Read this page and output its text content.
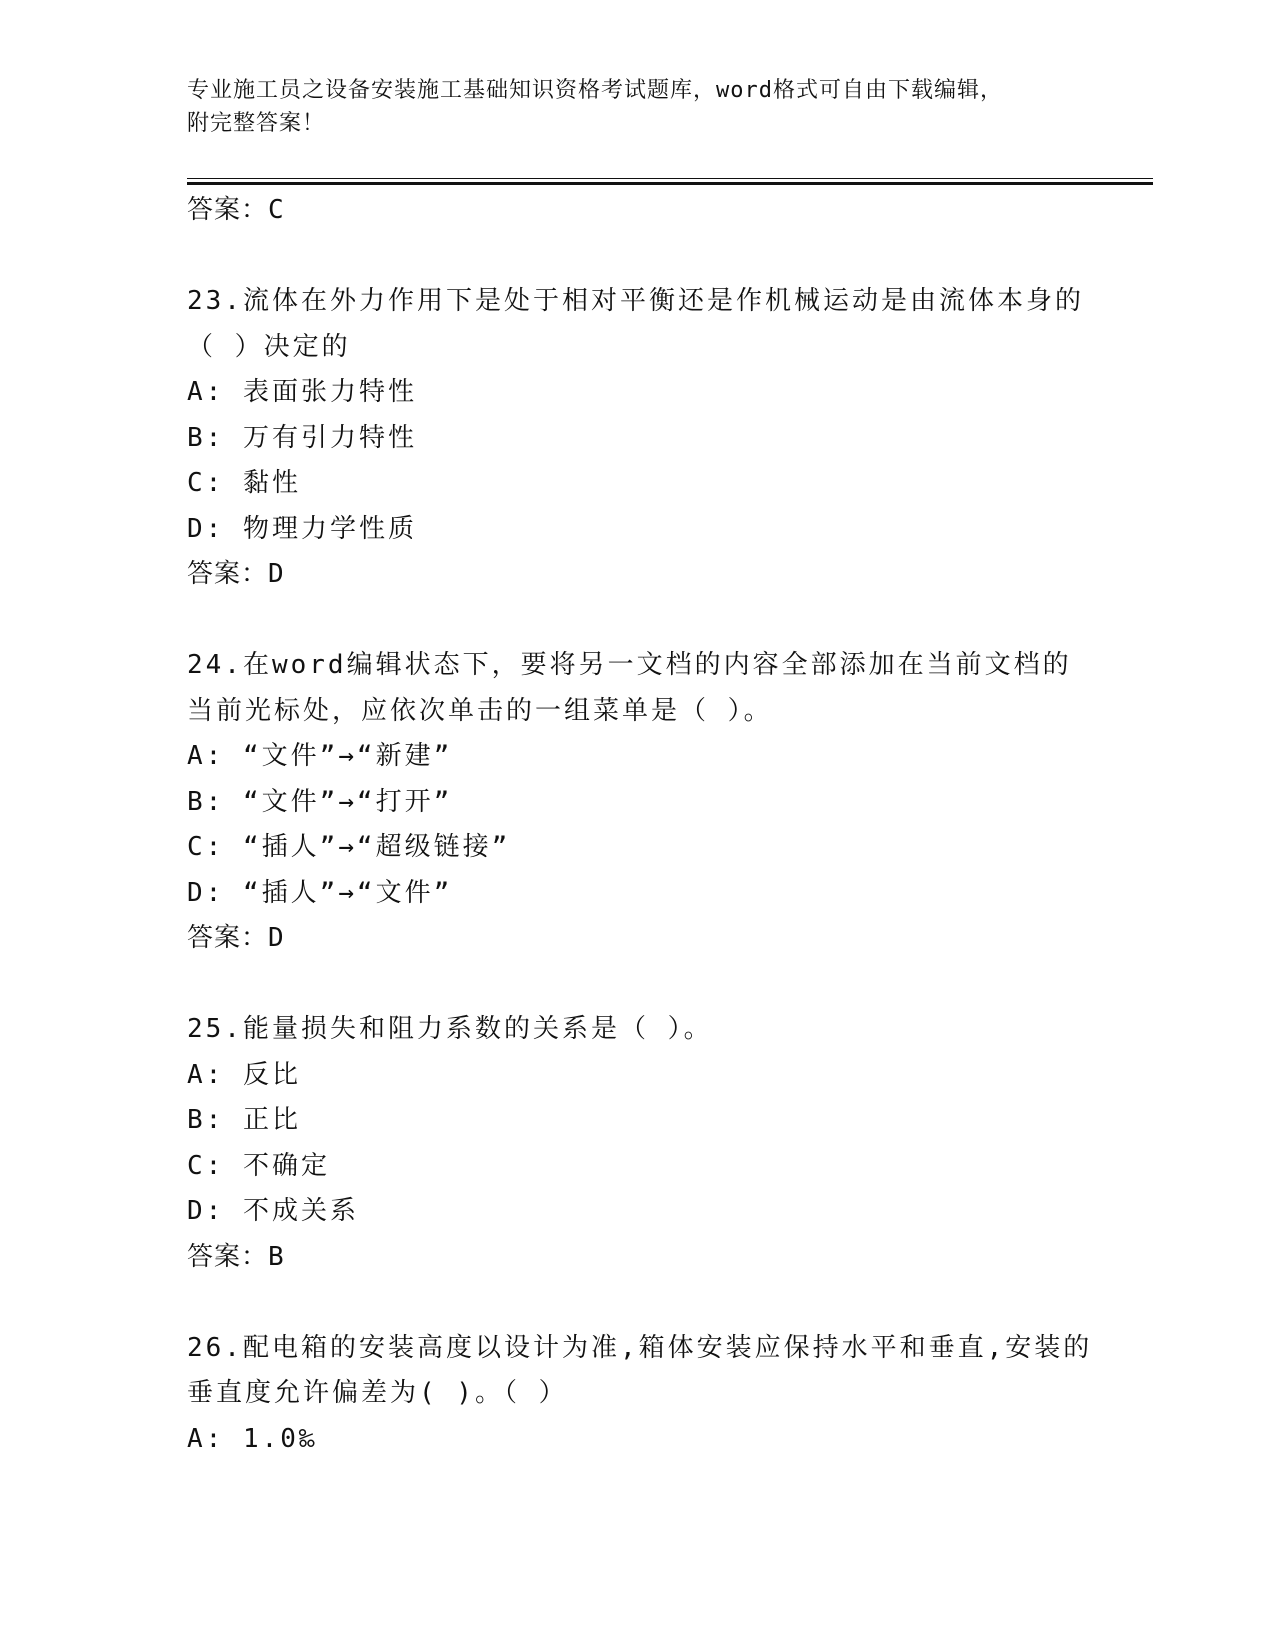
专业施工员之设备安装施工基础知识资格考试题库，word格式可自由下载编辑，
附完整答案！
答案：C
23.流体在外力作用下是处于相对平衡还是作机械运动是由流体本身的
（ ）决定的
A: 表面张力特性
B: 万有引力特性
C: 黏性
D: 物理力学性质
答案：D
24.在word编辑状态下，要将另一文档的内容全部添加在当前文档的
当前光标处，应依次单击的一组菜单是（ ）。
A: “文件”→“新建”
B: “文件”→“打开”
C: “插人”→“超级链接”
D: “插人”→“文件”
答案：D
25.能量损失和阻力系数的关系是（ ）。
A: 反比
B: 正比
C: 不确定
D: 不成关系
答案：B
26.配电箱的安装高度以设计为准,箱体安装应保持水平和垂直,安装的
垂直度允许偏差为( )。（ ）
A: 1.0‰
